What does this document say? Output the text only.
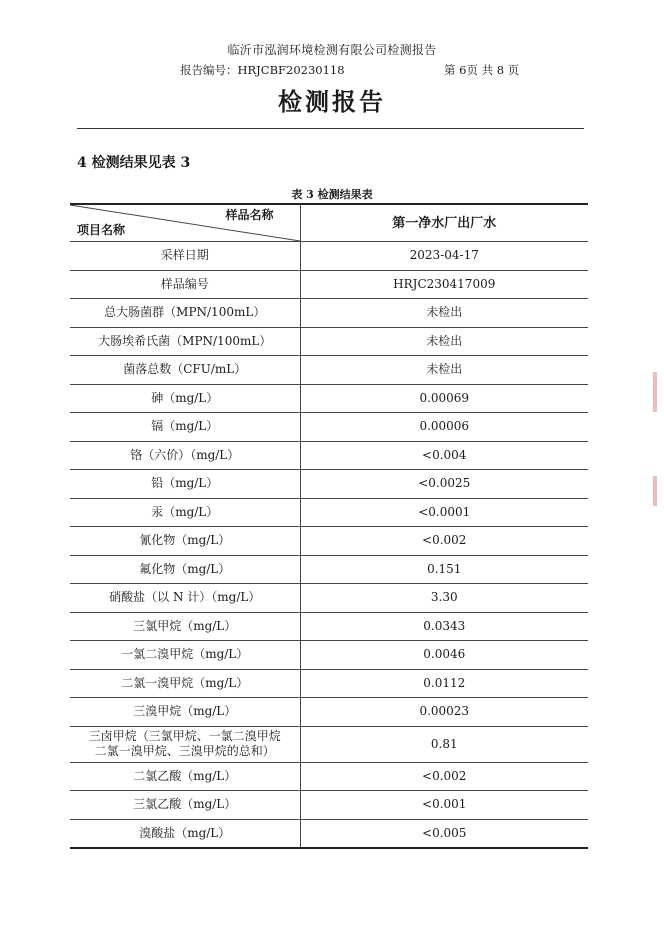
临沂市泓润环境检测有限公司检测报告
报告编号：HRJCBF20230118	第 6页 共 8 页
检测报告
4 检测结果见表 3
表 3 检测结果表
样品名称
项目名称	第一净水厂出厂水
采样日期	2023-04-17
样品编号	HRJC230417009
总大肠菌群（MPN/100mL）	未检出
大肠埃希氏菌（MPN/100mL）	未检出
菌落总数（CFU/mL）	未检出
砷（mg/L）	0.00069
镉（mg/L）	0.00006
铬（六价）（mg/L）	<0.004
铅（mg/L）	<0.0025
汞（mg/L）	<0.0001
氰化物（mg/L）	<0.002
氟化物（mg/L）	0.151
硝酸盐（以 N 计）（mg/L）	3.30
三氯甲烷（mg/L）	0.0343
一氯二溴甲烷（mg/L）	0.0046
二氯一溴甲烷（mg/L）	0.0112
三溴甲烷（mg/L）	0.00023
三卤甲烷（三氯甲烷、一氯二溴甲烷
二氯一溴甲烷、三溴甲烷的总和）	0.81
二氯乙酸（mg/L）	<0.002
三氯乙酸（mg/L）	<0.001
溴酸盐（mg/L）	<0.005
